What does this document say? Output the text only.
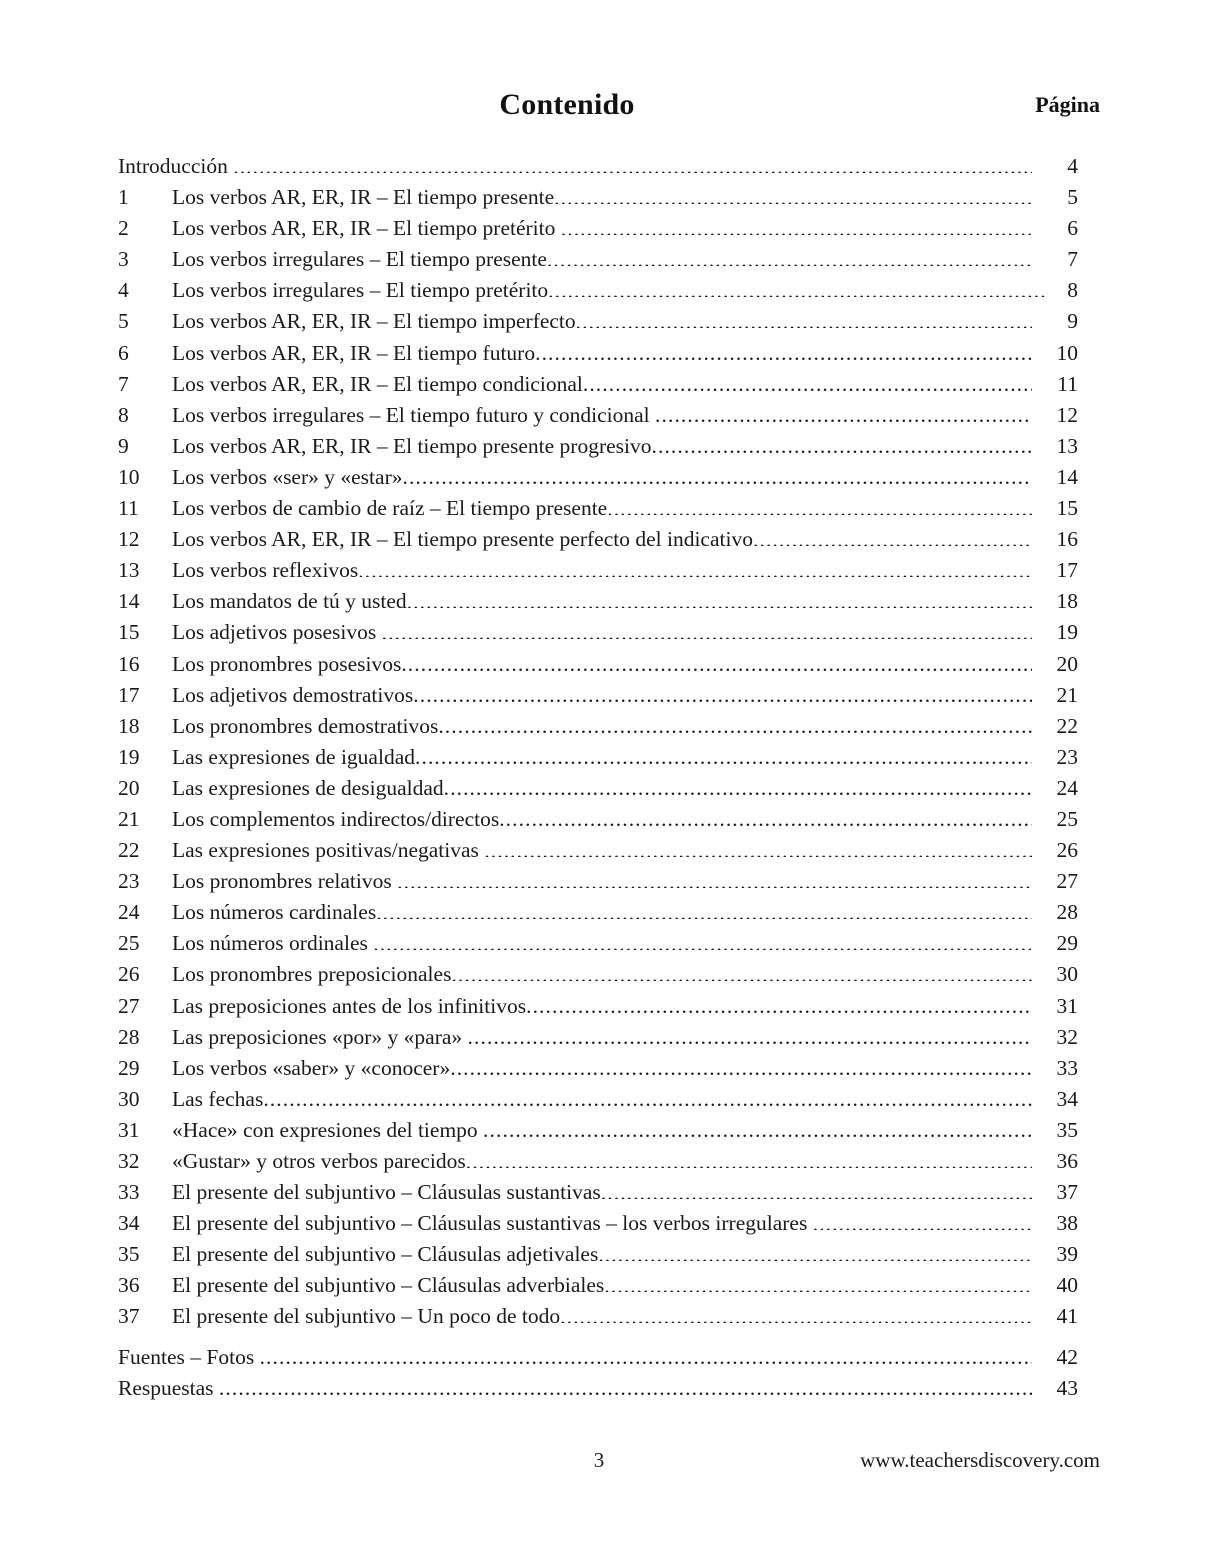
Contenido	Página
Introducción .....	4
1	Los verbos AR, ER, IR – El tiempo presente .....	5
2	Los verbos AR, ER, IR – El tiempo pretérito .....	6
3	Los verbos irregulares – El tiempo presente .....	7
4	Los verbos irregulares – El tiempo pretérito .....	8
5	Los verbos AR, ER, IR – El tiempo imperfecto .....	9
6	Los verbos AR, ER, IR – El tiempo futuro .....	10
7	Los verbos AR, ER, IR – El tiempo condicional .....	11
8	Los verbos irregulares – El tiempo futuro y condicional .....	12
9	Los verbos AR, ER, IR – El tiempo presente progresivo .....	13
10	Los verbos «ser» y «estar» .....	14
11	Los verbos de cambio de raíz – El tiempo presente .....	15
12	Los verbos AR, ER, IR – El tiempo presente perfecto del indicativo .....	16
13	Los verbos reflexivos .....	17
14	Los mandatos de tú y usted .....	18
15	Los adjetivos posesivos .....	19
16	Los pronombres posesivos .....	20
17	Los adjetivos demostrativos .....	21
18	Los pronombres demostrativos .....	22
19	Las expresiones de igualdad .....	23
20	Las expresiones de desigualdad .....	24
21	Los complementos indirectos/directos .....	25
22	Las expresiones positivas/negativas .....	26
23	Los pronombres relativos .....	27
24	Los números cardinales .....	28
25	Los números ordinales .....	29
26	Los pronombres preposicionales .....	30
27	Las preposiciones antes de los infinitivos .....	31
28	Las preposiciones «por» y «para» .....	32
29	Los verbos «saber» y «conocer» .....	33
30	Las fechas .....	34
31	«Hace» con expresiones del tiempo .....	35
32	«Gustar» y otros verbos parecidos .....	36
33	El presente del subjuntivo – Cláusulas sustantivas .....	37
34	El presente del subjuntivo – Cláusulas sustantivas – los verbos irregulares .....	38
35	El presente del subjuntivo – Cláusulas adjetivales .....	39
36	El presente del subjuntivo – Cláusulas adverbiales .....	40
37	El presente del subjuntivo – Un poco de todo .....	41
Fuentes – Fotos .....	42
Respuestas .....	43
3	www.teachersdiscovery.com
